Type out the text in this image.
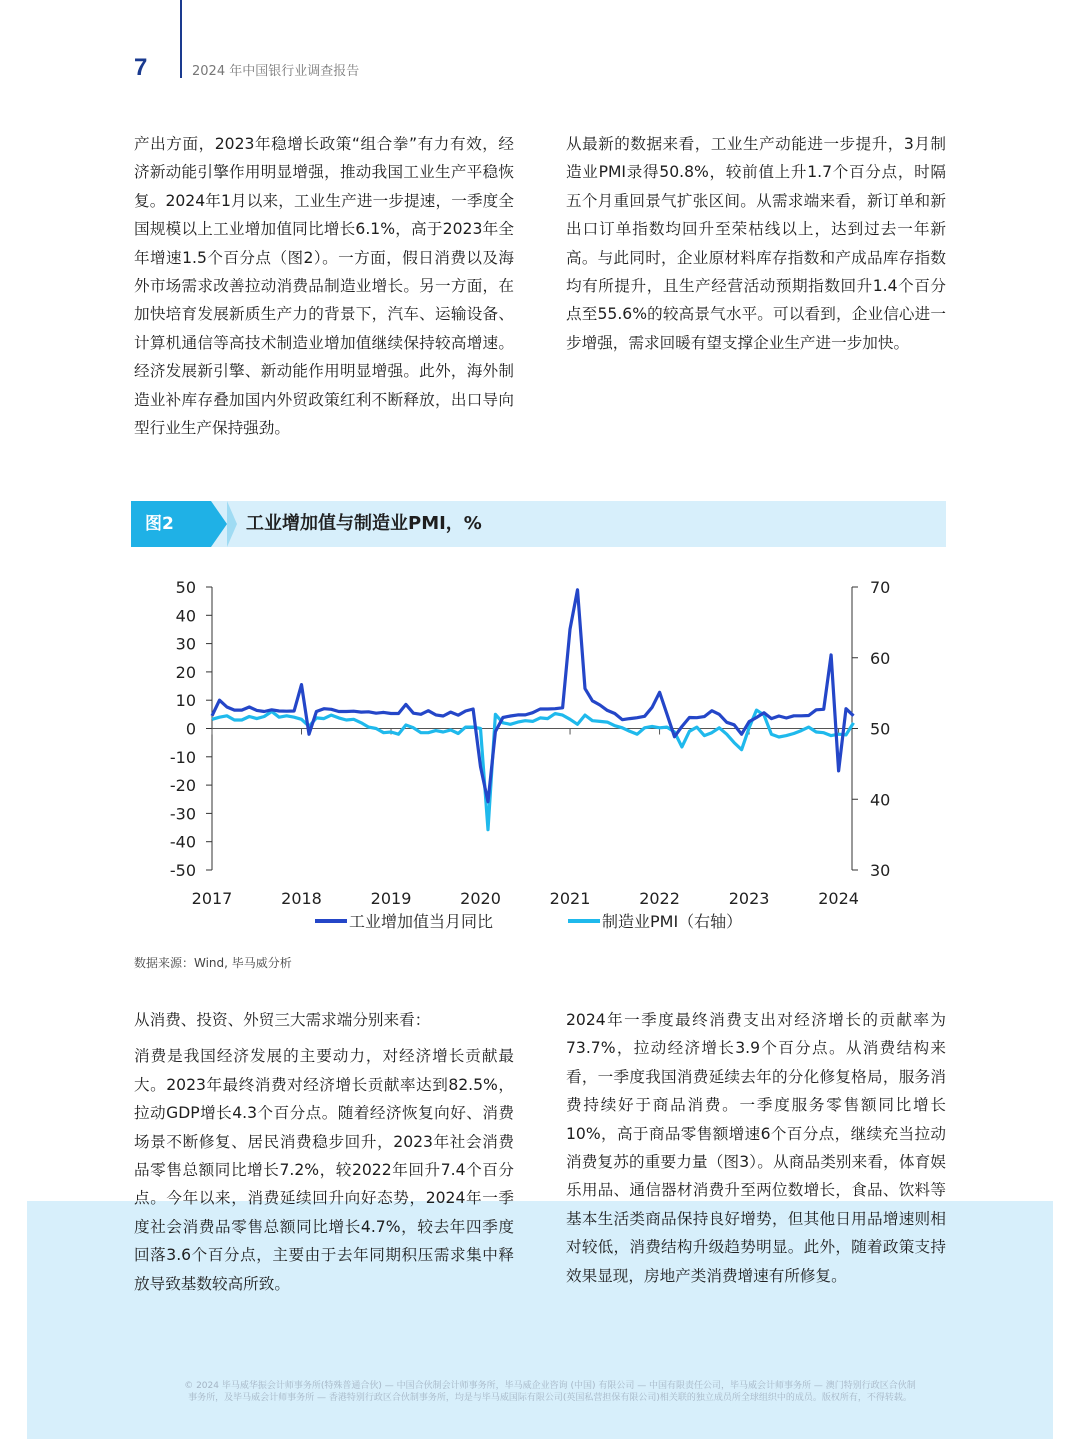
7	2024 年中国银行业调查报告

产出方面，2023年稳增长政策“组合拳”有力有效，经济新动能引擎作用明显增强，推动我国工业生产平稳恢复。2024年1月以来，工业生产进一步提速，一季度全国规模以上工业增加值同比增长6.1%，高于2023年全年增速1.5个百分点（图2）。一方面，假日消费以及海外市场需求改善拉动消费品制造业增长。另一方面，在加快培育发展新质生产力的背景下，汽车、运输设备、计算机通信等高技术制造业增加值继续保持较高增速。经济发展新引擎、新动能作用明显增强。此外，海外制造业补库存叠加国内外贸政策红利不断释放，出口导向型行业生产保持强劲。

从最新的数据来看，工业生产动能进一步提升，3月制造业PMI录得50.8%，较前值上升1.7个百分点，时隔五个月重回景气扩张区间。从需求端来看，新订单和新出口订单指数均回升至荣枯线以上，达到过去一年新高。与此同时，企业原材料库存指数和产成品库存指数均有所提升，且生产经营活动预期指数回升1.4个百分点至55.6%的较高景气水平。可以看到，企业信心进一步增强，需求回暖有望支撑企业生产进一步加快。

图2	工业增加值与制造业PMI，%
50
40
30
20
10
0
-10
-20
-30
-40
-50
70
60
50
40
30
2017	2018	2019	2020	2021	2022	2023	2024
工业增加值当月同比	制造业PMI（右轴）
数据来源：Wind, 毕马威分析

从消费、投资、外贸三大需求端分别来看：

消费是我国经济发展的主要动力，对经济增长贡献最大。2023年最终消费对经济增长贡献率达到82.5%，拉动GDP增长4.3个百分点。随着经济恢复向好、消费场景不断修复、居民消费稳步回升，2023年社会消费品零售总额同比增长7.2%，较2022年回升7.4个百分点。今年以来，消费延续回升向好态势，2024年一季度社会消费品零售总额同比增长4.7%，较去年四季度回落3.6个百分点，主要由于去年同期积压需求集中释放导致基数较高所致。

2024年一季度最终消费支出对经济增长的贡献率为73.7%，拉动经济增长3.9个百分点。从消费结构来看，一季度我国消费延续去年的分化修复格局，服务消费持续好于商品消费。一季度服务零售额同比增长10%，高于商品零售额增速6个百分点，继续充当拉动消费复苏的重要力量（图3）。从商品类别来看，体育娱乐用品、通信器材消费升至两位数增长，食品、饮料等基本生活类商品保持良好增势，但其他日用品增速则相对较低，消费结构升级趋势明显。此外，随着政策支持效果显现，房地产类消费增速有所修复。

© 2024 毕马威华振会计师事务所(特殊普通合伙) — 中国合伙制会计师事务所，毕马威企业咨询 (中国) 有限公司 — 中国有限责任公司，毕马威会计师事务所 — 澳门特别行政区合伙制事务所，及毕马威会计师事务所 — 香港特别行政区合伙制事务所，均是与毕马威国际有限公司(英国私营担保有限公司)相关联的独立成员所全球组织中的成员。版权所有，不得转载。
